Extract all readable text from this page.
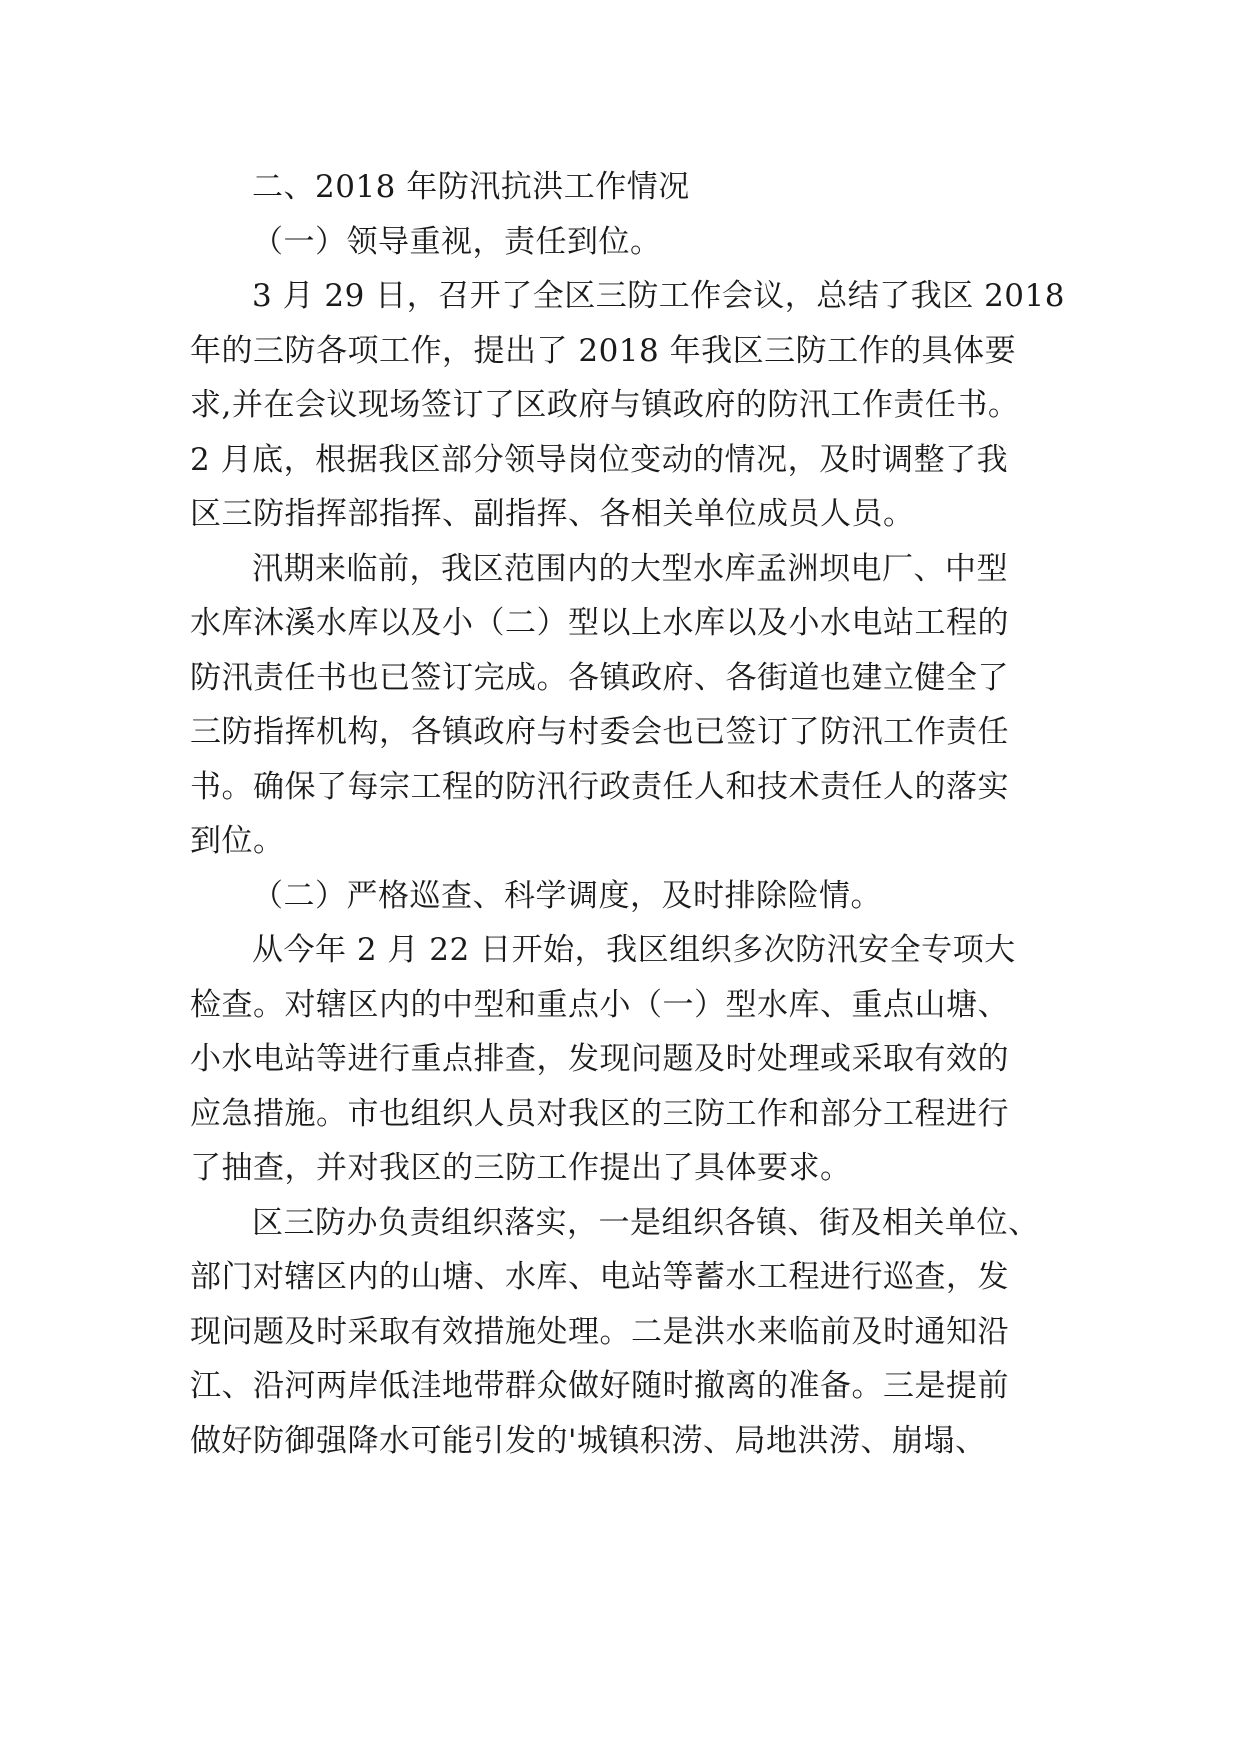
二、2018 年防汛抗洪工作情况
（一）领导重视，责任到位。
3 月 29 日，召开了全区三防工作会议，总结了我区 2018
年的三防各项工作，提出了 2018 年我区三防工作的具体要
求,并在会议现场签订了区政府与镇政府的防汛工作责任书。
2 月底，根据我区部分领导岗位变动的情况，及时调整了我
区三防指挥部指挥、副指挥、各相关单位成员人员。
汛期来临前，我区范围内的大型水库孟洲坝电厂、中型
水库沐溪水库以及小（二）型以上水库以及小水电站工程的
防汛责任书也已签订完成。各镇政府、各街道也建立健全了
三防指挥机构，各镇政府与村委会也已签订了防汛工作责任
书。确保了每宗工程的防汛行政责任人和技术责任人的落实
到位。
（二）严格巡查、科学调度，及时排除险情。
从今年 2 月 22 日开始，我区组织多次防汛安全专项大
检查。对辖区内的中型和重点小（一）型水库、重点山塘、
小水电站等进行重点排查，发现问题及时处理或采取有效的
应急措施。市也组织人员对我区的三防工作和部分工程进行
了抽查，并对我区的三防工作提出了具体要求。
区三防办负责组织落实，一是组织各镇、街及相关单位、
部门对辖区内的山塘、水库、电站等蓄水工程进行巡查，发
现问题及时采取有效措施处理。二是洪水来临前及时通知沿
江、沿河两岸低洼地带群众做好随时撤离的准备。三是提前
做好防御强降水可能引发的'城镇积涝、局地洪涝、崩塌、
